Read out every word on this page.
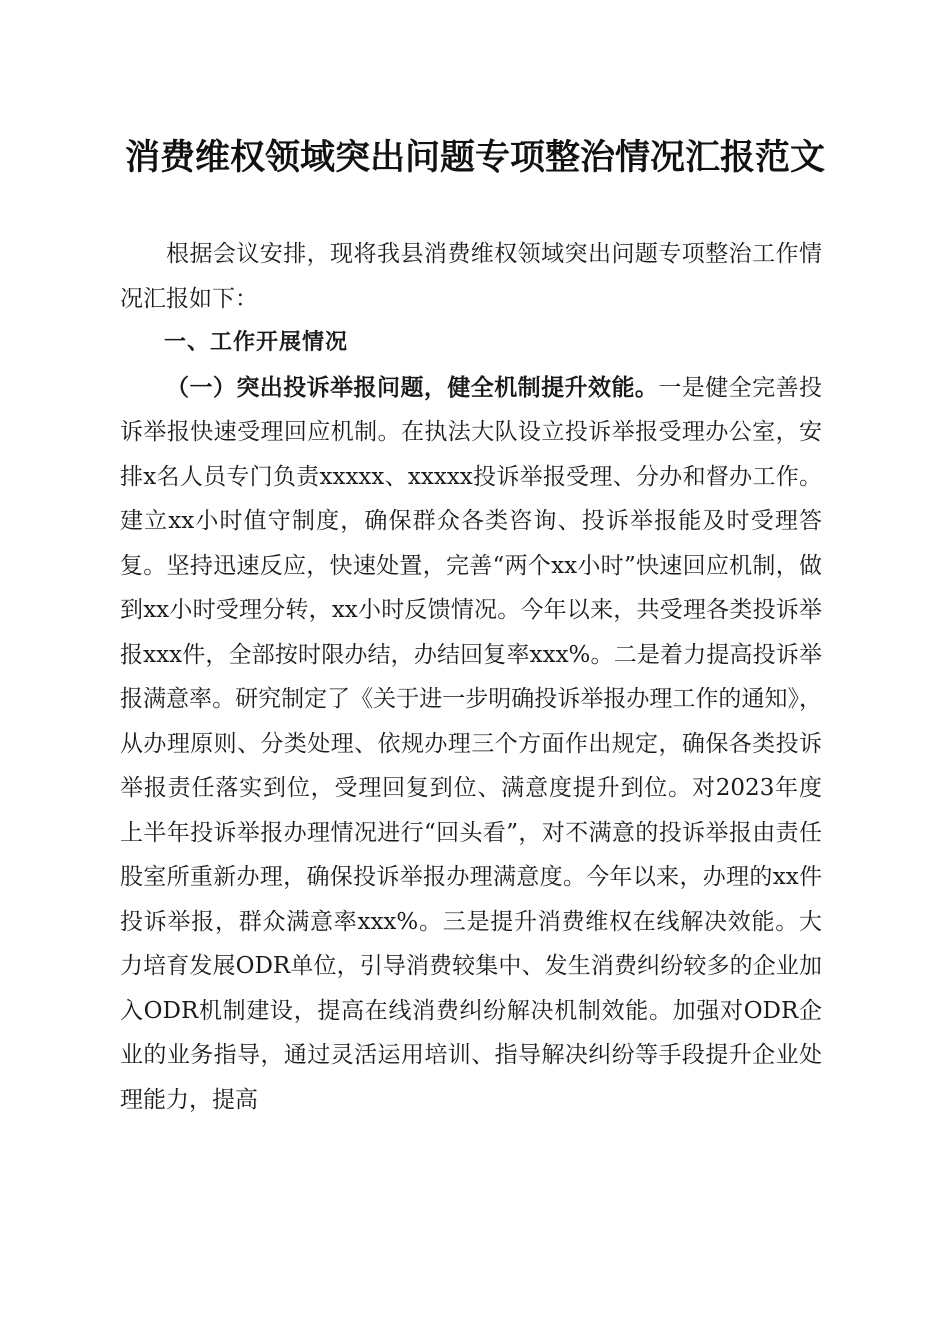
消费维权领域突出问题专项整治情况汇报范文

根据会议安排，现将我县消费维权领域突出问题专项整治工作情况汇报如下：

一、工作开展情况

（一）突出投诉举报问题，健全机制提升效能。一是健全完善投诉举报快速受理回应机制。在执法大队设立投诉举报受理办公室，安排x名人员专门负责xxxxx、xxxxx投诉举报受理、分办和督办工作。建立xx小时值守制度，确保群众各类咨询、投诉举报能及时受理答复。坚持迅速反应，快速处置，完善“两个xx小时”快速回应机制，做到xx小时受理分转，xx小时反馈情况。今年以来，共受理各类投诉举报xxx件，全部按时限办结，办结回复率xxx%。二是着力提高投诉举报满意率。研究制定了《关于进一步明确投诉举报办理工作的通知》，从办理原则、分类处理、依规办理三个方面作出规定，确保各类投诉举报责任落实到位，受理回复到位、满意度提升到位。对2023年度上半年投诉举报办理情况进行“回头看”，对不满意的投诉举报由责任股室所重新办理，确保投诉举报办理满意度。今年以来，办理的xx件投诉举报，群众满意率xxx%。三是提升消费维权在线解决效能。大力培育发展ODR单位，引导消费较集中、发生消费纠纷较多的企业加入ODR机制建设，提高在线消费纠纷解决机制效能。加强对ODR企业的业务指导，通过灵活运用培训、指导解决纠纷等手段提升企业处理能力，提高
